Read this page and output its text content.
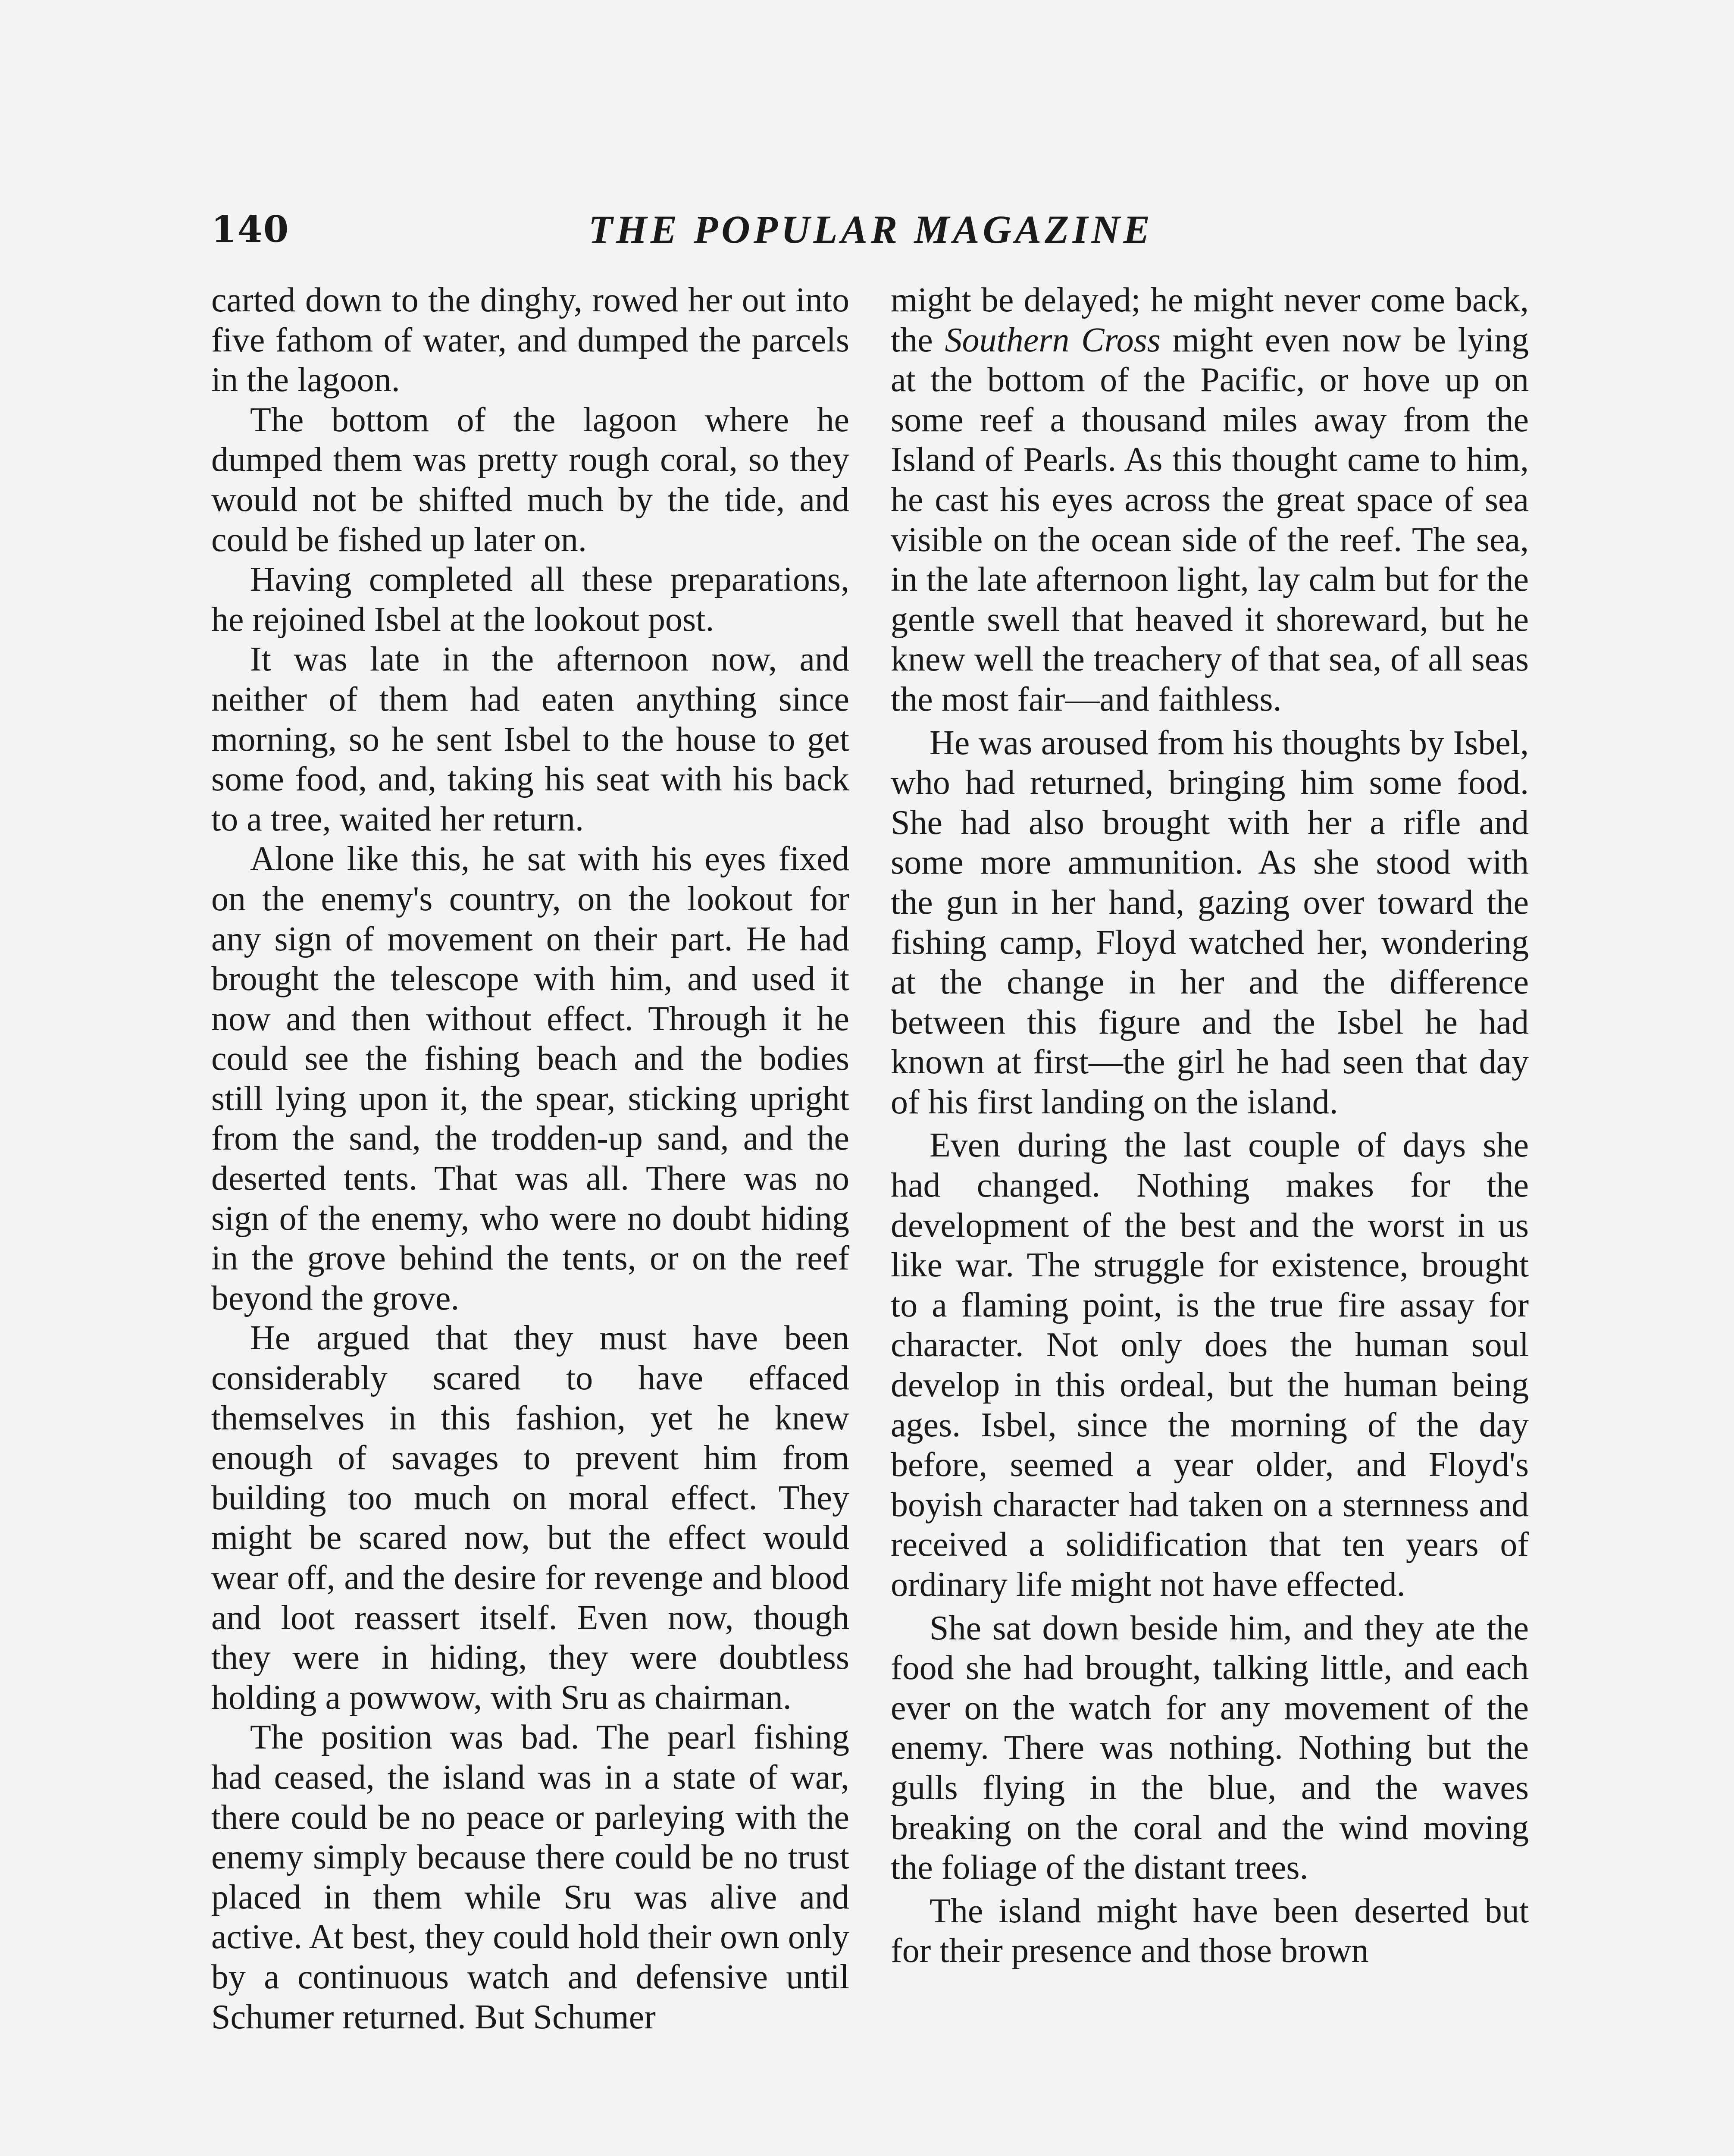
140	THE POPULAR MAGAZINE

carted down to the dinghy, rowed her out into five fathom of water, and dumped the parcels in the lagoon.

The bottom of the lagoon where he dumped them was pretty rough coral, so they would not be shifted much by the tide, and could be fished up later on.

Having completed all these preparations, he rejoined Isbel at the lookout post.

It was late in the afternoon now, and neither of them had eaten anything since morning, so he sent Isbel to the house to get some food, and, taking his seat with his back to a tree, waited her return.

Alone like this, he sat with his eyes fixed on the enemy's country, on the lookout for any sign of movement on their part. He had brought the telescope with him, and used it now and then without effect. Through it he could see the fishing beach and the bodies still lying upon it, the spear, sticking upright from the sand, the trodden-up sand, and the deserted tents. That was all. There was no sign of the enemy, who were no doubt hiding in the grove behind the tents, or on the reef beyond the grove.

He argued that they must have been considerably scared to have effaced themselves in this fashion, yet he knew enough of savages to prevent him from building too much on moral effect. They might be scared now, but the effect would wear off, and the desire for revenge and blood and loot reassert itself. Even now, though they were in hiding, they were doubtless holding a powwow, with Sru as chairman.

The position was bad. The pearl fishing had ceased, the island was in a state of war, there could be no peace or parleying with the enemy simply because there could be no trust placed in them while Sru was alive and active. At best, they could hold their own only by a continuous watch and defensive until Schumer returned. But Schumer

might be delayed; he might never come back, the Southern Cross might even now be lying at the bottom of the Pacific, or hove up on some reef a thousand miles away from the Island of Pearls. As this thought came to him, he cast his eyes across the great space of sea visible on the ocean side of the reef. The sea, in the late afternoon light, lay calm but for the gentle swell that heaved it shoreward, but he knew well the treachery of that sea, of all seas the most fair—and faithless.

He was aroused from his thoughts by Isbel, who had returned, bringing him some food. She had also brought with her a rifle and some more ammunition. As she stood with the gun in her hand, gazing over toward the fishing camp, Floyd watched her, wondering at the change in her and the difference between this figure and the Isbel he had known at first—the girl he had seen that day of his first landing on the island.

Even during the last couple of days she had changed. Nothing makes for the development of the best and the worst in us like war. The struggle for existence, brought to a flaming point, is the true fire assay for character. Not only does the human soul develop in this ordeal, but the human being ages. Isbel, since the morning of the day before, seemed a year older, and Floyd's boyish character had taken on a sternness and received a solidification that ten years of ordinary life might not have effected.

She sat down beside him, and they ate the food she had brought, talking little, and each ever on the watch for any movement of the enemy. There was nothing. Nothing but the gulls flying in the blue, and the waves breaking on the coral and the wind moving the foliage of the distant trees.

The island might have been deserted but for their presence and those brown
